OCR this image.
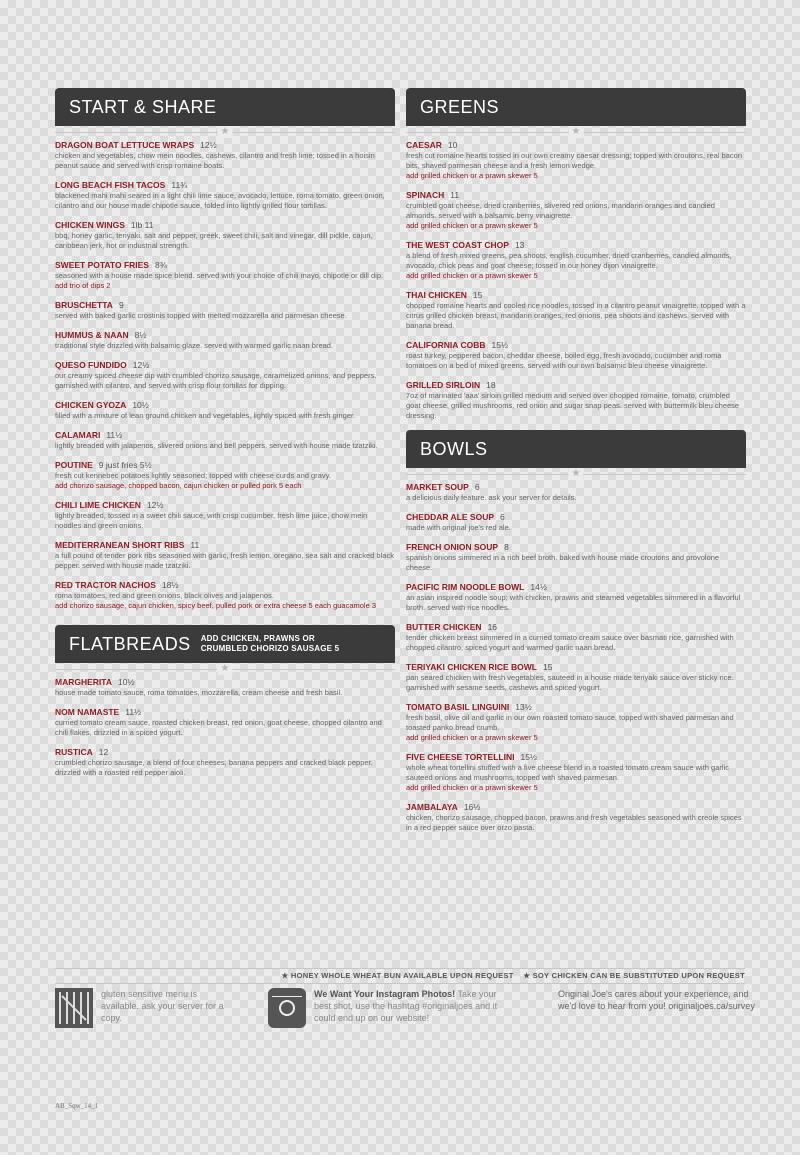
START & SHARE
★
DRAGON BOAT LETTUCE WRAPS 12½
chicken and vegetables, chow mein noodles, cashews, cilantro and fresh lime; tossed in a hoisin peanut sauce and served with crisp romaine boats.
LONG BEACH FISH TACOS 11¾
blackened mahi mahi seared in a light chili lime sauce, avocado, lettuce, roma tomato, green onion, cilantro and our house made chipotle sauce, folded into lightly grilled flour tortillas.
CHICKEN WINGS 1lb 11
bbq, honey garlic, teriyaki, salt and pepper, greek, sweet chili, salt and vinegar, dill pickle, cajun, caribbean jerk, hot or industrial strength.
SWEET POTATO FRIES 8¾
seasoned with a house made spice blend. served with your choice of chili mayo, chipotle or dill dip.
add trio of dips 2
BRUSCHETTA 9
served with baked garlic crostinis topped with melted mozzarella and parmesan cheese.
HUMMUS & NAAN 8½
traditional style drizzled with balsamic glaze. served with warmed garlic naan bread.
QUESO FUNDIDO 12½
our creamy spiced cheese dip with crumbled chorizo sausage, caramelized onions, and peppers. garnished with cilantro, and served with crisp flour tortillas for dipping.
CHICKEN GYOZA 10½
filled with a mixture of lean ground chicken and vegetables, lightly spiced with fresh ginger.
CALAMARI 11½
lightly breaded with jalapenos, slivered onions and bell peppers. served with house made tzatziki.
POUTINE 9 just fries 5½
fresh cut kennebec potatoes lightly seasoned; topped with cheese curds and gravy.
add chorizo sausage, chopped bacon, cajun chicken or pulled pork 5 each
CHILI LIME CHICKEN 12½
lightly breaded, tossed in a sweet chili sauce, with crisp cucumber, fresh lime juice, chow mein noodles and green onions.
MEDITERRANEAN SHORT RIBS 11
a full pound of tender pork ribs seasoned with garlic, fresh lemon, oregano, sea salt and cracked black pepper. served with house made tzatziki.
RED TRACTOR NACHOS 18½
roma tomatoes, red and green onions, black olives and jalapenos.
add chorizo sausage, cajun chicken, spicy beef, pulled pork or extra cheese 5 each guacamole 3
FLATBREADS ADD CHICKEN, PRAWNS OR
CRUMBLED CHORIZO SAUSAGE 5
★
MARGHERITA 10½
house made tomato sauce, roma tomatoes, mozzarella, cream cheese and fresh basil.
NOM NAMASTE 11½
curried tomato cream sauce, roasted chicken breast, red onion, goat cheese, chopped cilantro and chili flakes, drizzled in a spiced yogurt.
RUSTICA 12
crumbled chorizo sausage, a blend of four cheeses, banana peppers and cracked black pepper. drizzled with a roasted red pepper aioli.
GREENS
★
CAESAR 10
fresh cut romaine hearts tossed in our own creamy caesar dressing; topped with croutons, real bacon bits, shaved parmesan cheese and a fresh lemon wedge.
add grilled chicken or a prawn skewer 5
SPINACH 11
crumbled goat cheese, dried cranberries, slivered red onions, mandarin oranges and candied almonds. served with a balsamic berry vinaigrette.
add grilled chicken or a prawn skewer 5
THE WEST COAST CHOP 13
a blend of fresh mixed greens, pea shoots, english cucumber, dried cranberries, candied almonds, avocado, chick peas and goat cheese; tossed in our honey dijon vinaigrette.
add grilled chicken or a prawn skewer 5
THAI CHICKEN 15
chopped romaine hearts and cooled rice noodles, tossed in a cilantro peanut vinaigrette. topped with a citrus grilled chicken breast, mandarin oranges, red onions, pea shoots and cashews. served with banana bread.
CALIFORNIA COBB 15½
roast turkey, peppered bacon, cheddar cheese, boiled egg, fresh avocado, cucumber and roma tomatoes on a bed of mixed greens. served with our own balsamic bleu cheese vinaigrette.
GRILLED SIRLOIN 18
7oz of marinated 'aaa' sirloin grilled medium and served over chopped romaine, tomato, crumbled goat cheese, grilled mushrooms, red onion and sugar snap peas. served with buttermilk bleu cheese dressing.
BOWLS
★
MARKET SOUP 6
a delicious daily feature. ask your server for details.
CHEDDAR ALE SOUP 6
made with original joe's red ale.
FRENCH ONION SOUP 8
spanish onions simmered in a rich beef broth. baked with house made croutons and provolone cheese.
PACIFIC RIM NOODLE BOWL 14½
an asian inspired noodle soup; with chicken, prawns and steamed vegetables simmered in a flavorful broth. served with rice noodles.
BUTTER CHICKEN 16
tender chicken breast simmered in a curried tomato cream sauce over basmati rice, garnished with chopped cilantro, spiced yogurt and warmed garlic naan bread.
TERIYAKI CHICKEN RICE BOWL 15
pan seared chicken with fresh vegetables, sauteed in a house made teriyaki sauce over sticky rice. garnished with sesame seeds, cashews and spiced yogurt.
TOMATO BASIL LINGUINI 13½
fresh basil, olive oil and garlic in our own roasted tomato sauce, topped with shaved parmesan and toasted panko bread crumb.
add grilled chicken or a prawn skewer 5
FIVE CHEESE TORTELLINI 15½
whole wheat tortellini stuffed with a five cheese blend in a roasted tomato cream sauce with garlic sauteed onions and mushrooms, topped with shaved parmesan.
add grilled chicken or a prawn skewer 5
JAMBALAYA 16½
chicken, chorizo sausage, chopped bacon, prawns and fresh vegetables seasoned with creole spices in a red pepper sauce over orzo pasta.
★ HONEY WHOLE WHEAT BUN AVAILABLE UPON REQUEST ★ SOY CHICKEN CAN BE SUBSTITUTED UPON REQUEST
gluten sensitive menu is available. ask your server for a copy.
We Want Your Instagram Photos! Take your best shot, use the hashtag #originaljoes and it could end up on our website!
Original Joe's cares about your experience, and we'd love to hear from you! originaljoes.ca/survey
AB_Sqw_14_1
